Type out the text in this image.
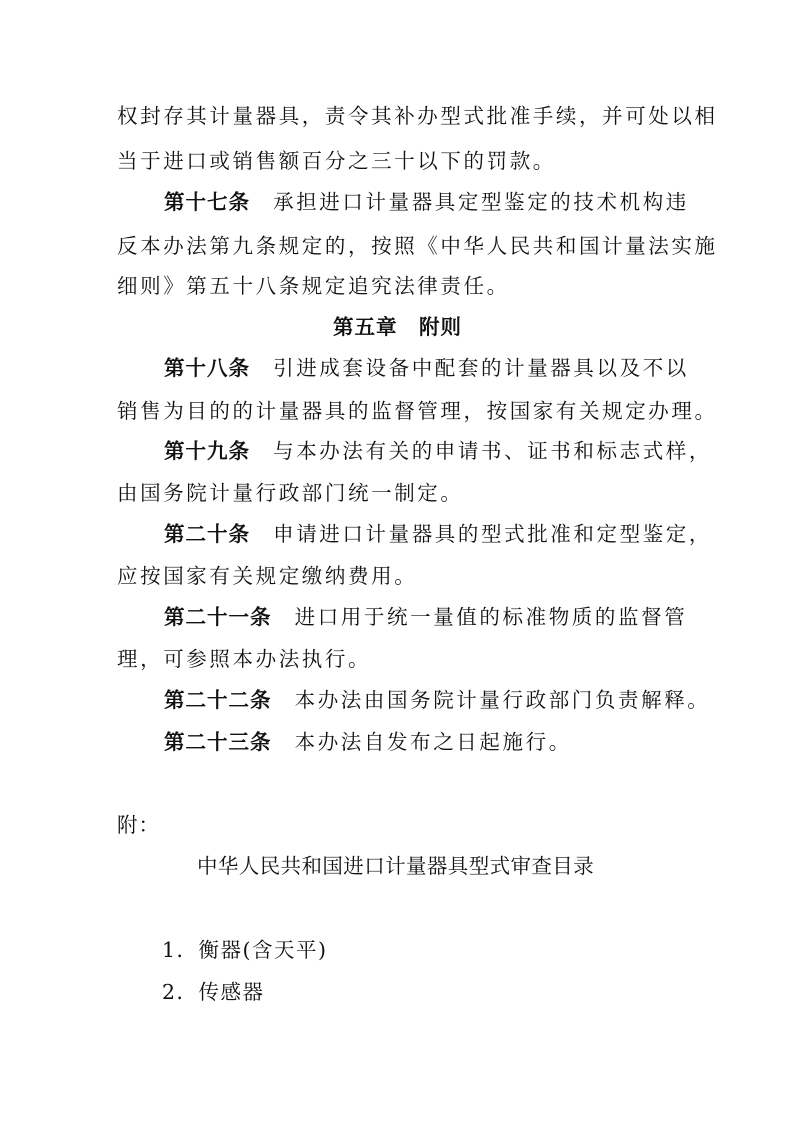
权封存其计量器具，责令其补办型式批准手续，并可处以相
当于进口或销售额百分之三十以下的罚款。
第十七条　 承担进口计量器具定型鉴定的技术机构违
反本办法第九条规定的，按照《中华人民共和国计量法实施
细则》第五十八条规定追究法律责任。
第五章　附则
第十八条　 引进成套设备中配套的计量器具以及不以
销售为目的的计量器具的监督管理，按国家有关规定办理。
第十九条　 与本办法有关的申请书、证书和标志式样，
由国务院计量行政部门统一制定。
第二十条　 申请进口计量器具的型式批准和定型鉴定，
应按国家有关规定缴纳费用。
第二十一条　 进口用于统一量值的标准物质的监督管
理，可参照本办法执行。
第二十二条　 本办法由国务院计量行政部门负责解释。
第二十三条　 本办法自发布之日起施行。
附：
中华人民共和国进口计量器具型式审查目录
1．衡器(含天平)
2．传感器
